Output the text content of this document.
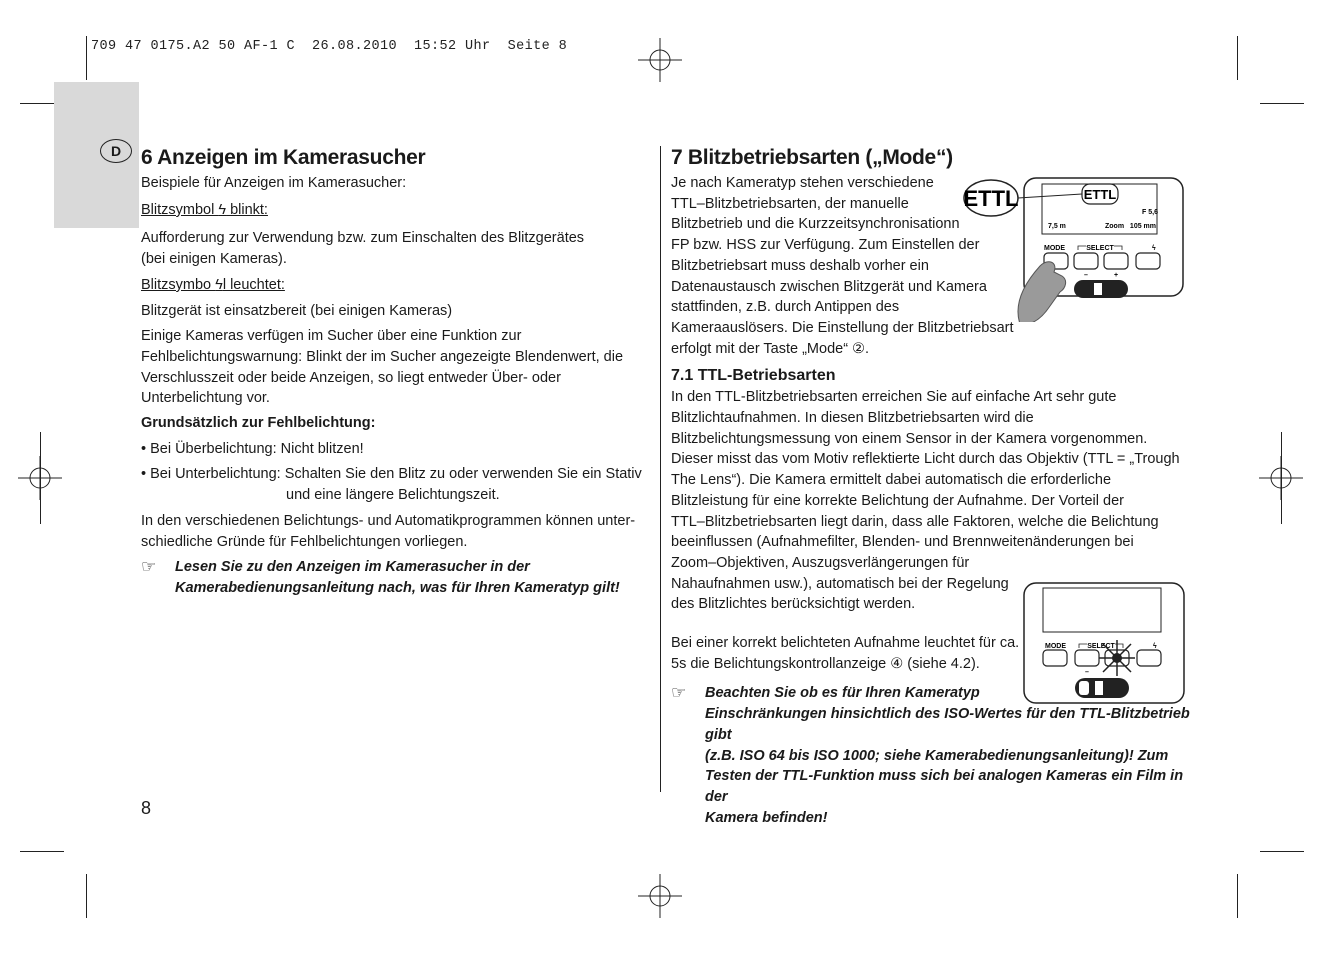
709 47 0175.A2 50 AF-1 C  26.08.2010  15:52 Uhr  Seite 8
D 6 Anzeigen im Kamerasucher

Beispiele für Anzeigen im Kamerasucher:

Blitzsymbol ϟ blinkt:

Aufforderung zur Verwendung bzw. zum Einschalten des Blitzgerätes

(bei einigen Kameras).

Blitzsymbo ϟl leuchtet:

Blitzgerät ist einsatzbereit (bei einigen Kameras)

Einige Kameras verfügen im Sucher über eine Funktion zur

Fehlbelichtungswarnung: Blinkt der im Sucher angezeigte Blendenwert, die

Verschlusszeit oder beide Anzeigen, so liegt entweder Über- oder

Unterbelichtung vor.

Grundsätzlich zur Fehlbelichtung:

• Bei Überbelichtung: Nicht blitzen!

• Bei Unterbelichtung: Schalten Sie den Blitz zu oder verwenden Sie ein Stativ

und eine längere Belichtungszeit.

In den verschiedenen Belichtungs- und Automatikprogrammen können unter-

schiedliche Gründe für Fehlbelichtungen vorliegen.

☞	Lesen Sie zu den Anzeigen im Kamerasucher in der

Kamerabedienungsanleitung nach, was für Ihren Kameratyp gilt!

7 Blitzbetriebsarten („Mode“)

Je nach Kameratyp stehen verschiedene

TTL–Blitzbetriebsarten, der manuelle

Blitzbetrieb und die Kurzzeitsynchronisationn

FP bzw. HSS zur Verfügung. Zum Einstellen der

Blitzbetriebsart muss deshalb vorher ein

Datenaustausch zwischen Blitzgerät und Kamera

stattfinden, z.B. durch Antippen des

Kameraauslösers. Die Einstellung der Blitzbetriebsart

erfolgt mit der Taste „Mode“ ②.

7.1 TTL-Betriebsarten

In den TTL-Blitzbetriebsarten erreichen Sie auf einfache Art sehr gute

Blitzlichtaufnahmen. In diesen Blitzbetriebsarten wird die

Blitzbelichtungsmessung von einem Sensor in der Kamera vorgenommen.

Dieser misst das vom Motiv reflektierte Licht durch das Objektiv (TTL = „Trough

The Lens“). Die Kamera ermittelt dabei automatisch die erforderliche

Blitzleistung für eine korrekte Belichtung der Aufnahme. Der Vorteil der

TTL–Blitzbetriebsarten liegt darin, dass alle Faktoren, welche die Belichtung

beeinflussen (Aufnahmefilter, Blenden- und Brennweitenänderungen bei

Zoom–Objektiven, Auszugsverlängerungen für

Nahaufnahmen usw.), automatisch bei der Regelung

des Blitzlichtes berücksichtigt werden.

Bei einer korrekt belichteten Aufnahme leuchtet für ca.

5s die Belichtungskontrollanzeige ④ (siehe 4.2).

☞	Beachten Sie ob es für Ihren Kameratyp

Einschränkungen hinsichtlich des ISO-Wertes für den TTL-Blitzbetrieb gibt

(z.B. ISO 64 bis ISO 1000; siehe Kamerabedienungsanleitung)! Zum

Testen der TTL-Funktion muss sich bei analogen Kameras ein Film in der

Kamera befinden!

ETTL
F 5,6
7,5 m	Zoom 105 mm
MODE	SELECT	ϟ
–	+
ETTL
MODE	SELECT	ϟ
–
8
